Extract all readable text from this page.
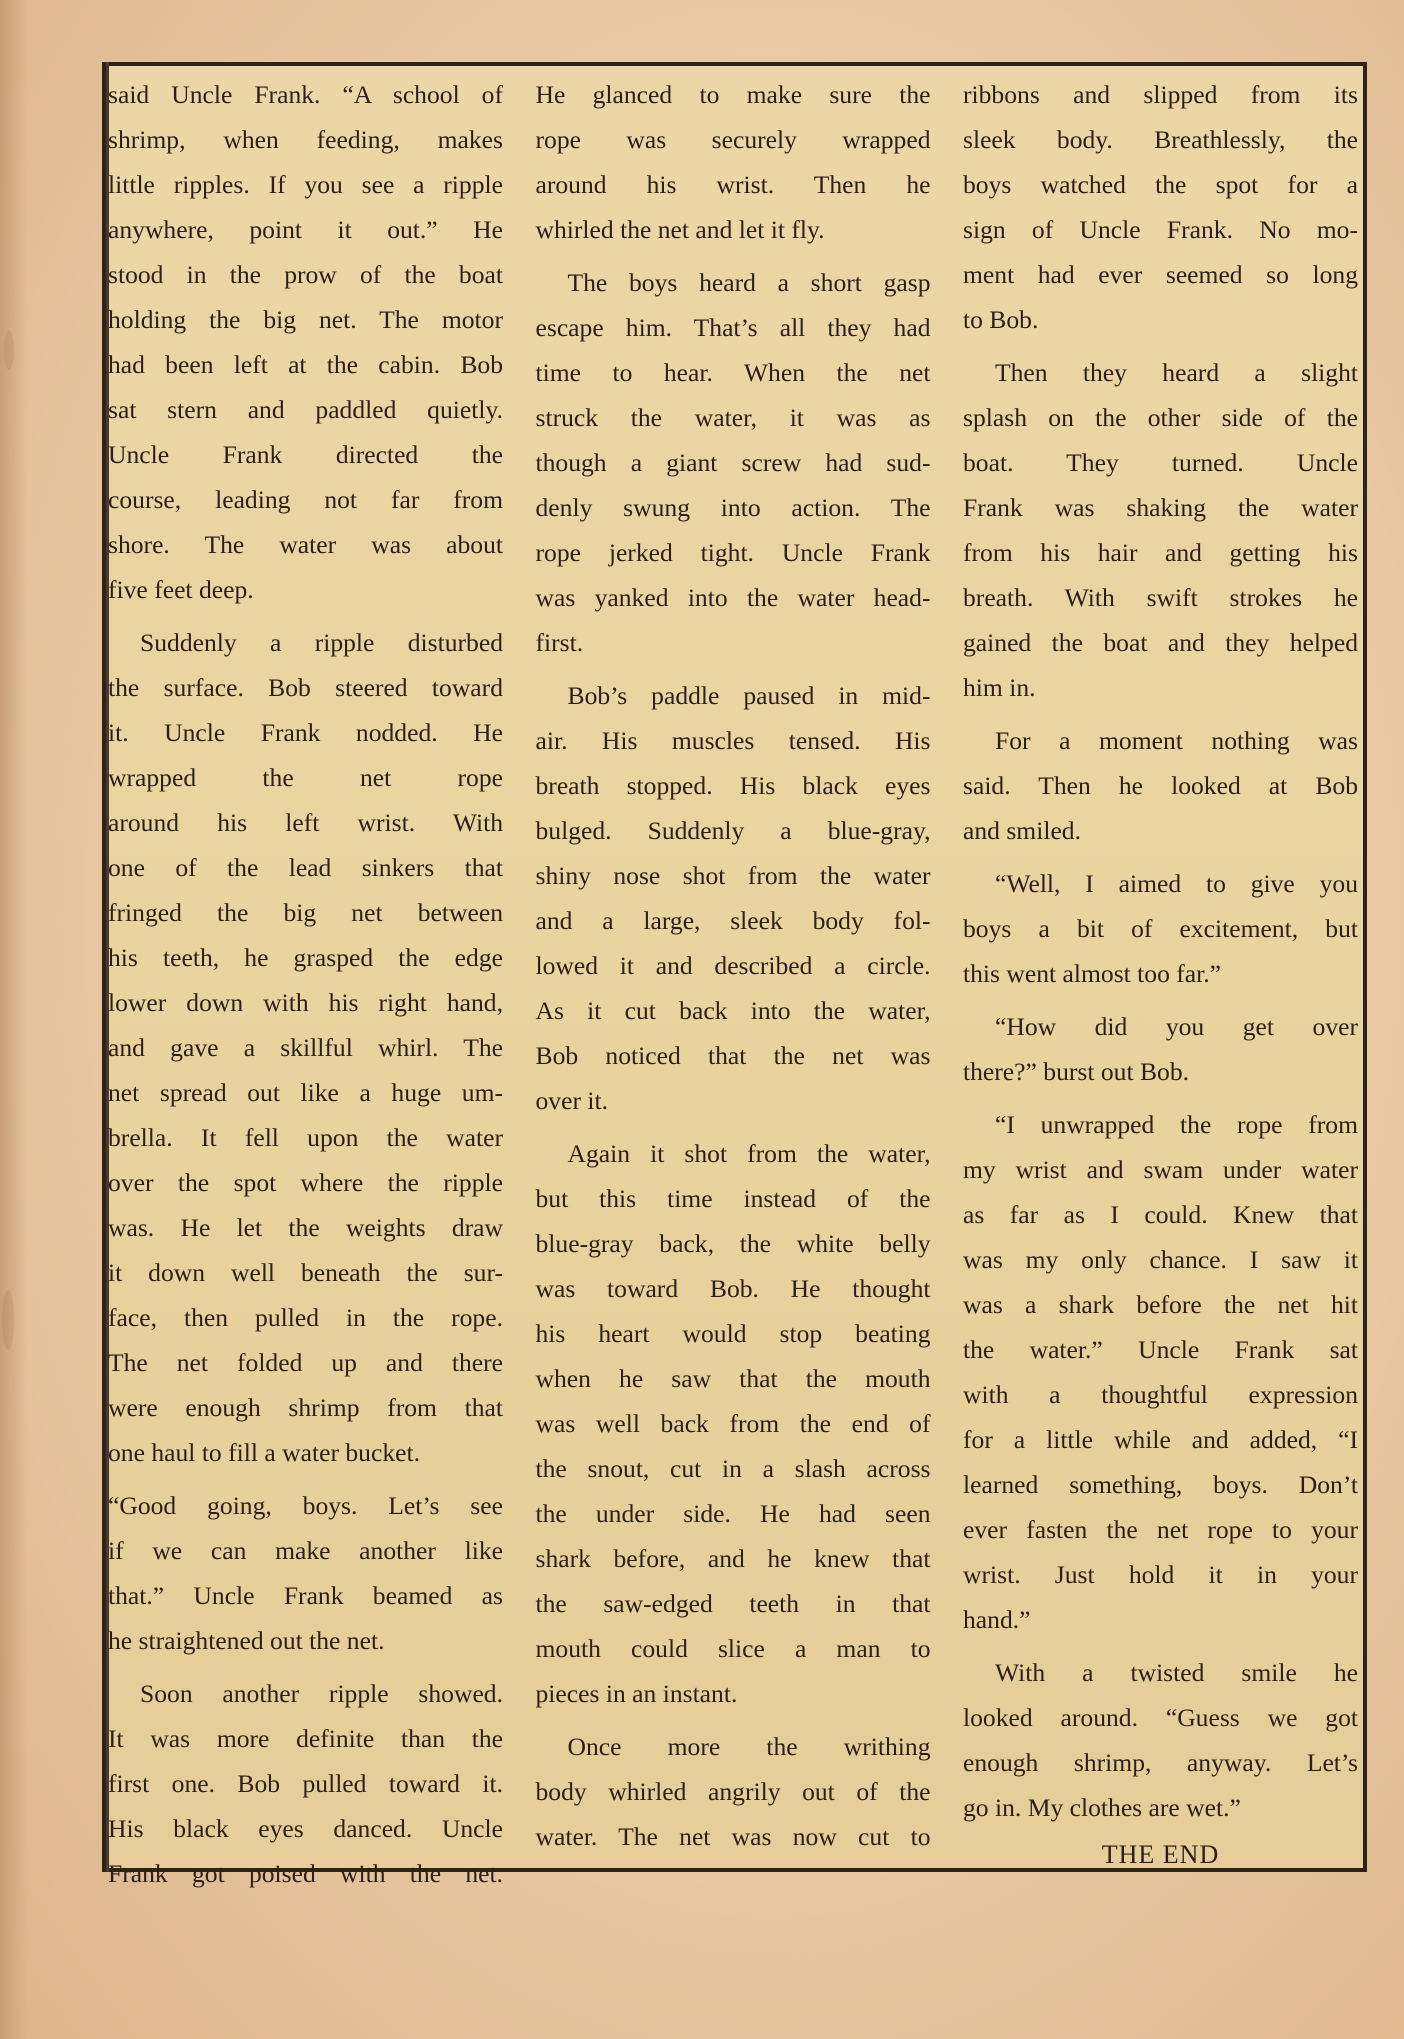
said Uncle Frank. “A school of

shrimp, when feeding, makes

little ripples. If you see a ripple

anywhere, point it out.” He

stood in the prow of the boat

holding the big net. The motor

had been left at the cabin. Bob

sat stern and paddled quietly.

Uncle Frank directed the

course, leading not far from

shore. The water was about

five feet deep.

Suddenly a ripple disturbed

the surface. Bob steered toward

it. Uncle Frank nodded. He

wrapped the net rope

around his left wrist. With

one of the lead sinkers that

fringed the big net between

his teeth, he grasped the edge

lower down with his right hand,

and gave a skillful whirl. The

net spread out like a huge um-

brella. It fell upon the water

over the spot where the ripple

was. He let the weights draw

it down well beneath the sur-

face, then pulled in the rope.

The net folded up and there

were enough shrimp from that

one haul to fill a water bucket.

“Good going, boys. Let’s see

if we can make another like

that.” Uncle Frank beamed as

he straightened out the net.

Soon another ripple showed.

It was more definite than the

first one. Bob pulled toward it.

His black eyes danced. Uncle

Frank got poised with the net.

He glanced to make sure the

rope was securely wrapped

around his wrist. Then he

whirled the net and let it fly.

The boys heard a short gasp

escape him. That’s all they had

time to hear. When the net

struck the water, it was as

though a giant screw had sud-

denly swung into action. The

rope jerked tight. Uncle Frank

was yanked into the water head-

first.

Bob’s paddle paused in mid-

air. His muscles tensed. His

breath stopped. His black eyes

bulged. Suddenly a blue-gray,

shiny nose shot from the water

and a large, sleek body fol-

lowed it and described a circle.

As it cut back into the water,

Bob noticed that the net was

over it.

Again it shot from the water,

but this time instead of the

blue-gray back, the white belly

was toward Bob. He thought

his heart would stop beating

when he saw that the mouth

was well back from the end of

the snout, cut in a slash across

the under side. He had seen

shark before, and he knew that

the saw-edged teeth in that

mouth could slice a man to

pieces in an instant.

Once more the writhing

body whirled angrily out of the

water. The net was now cut to

ribbons and slipped from its

sleek body. Breathlessly, the

boys watched the spot for a

sign of Uncle Frank. No mo-

ment had ever seemed so long

to Bob.

Then they heard a slight

splash on the other side of the

boat. They turned. Uncle

Frank was shaking the water

from his hair and getting his

breath. With swift strokes he

gained the boat and they helped

him in.

For a moment nothing was

said. Then he looked at Bob

and smiled.

“Well, I aimed to give you

boys a bit of excitement, but

this went almost too far.”

“How did you get over

there?” burst out Bob.

“I unwrapped the rope from

my wrist and swam under water

as far as I could. Knew that

was my only chance. I saw it

was a shark before the net hit

the water.” Uncle Frank sat

with a thoughtful expression

for a little while and added, “I

learned something, boys. Don’t

ever fasten the net rope to your

wrist. Just hold it in your

hand.”

With a twisted smile he

looked around. “Guess we got

enough shrimp, anyway. Let’s

go in. My clothes are wet.”

THE END
